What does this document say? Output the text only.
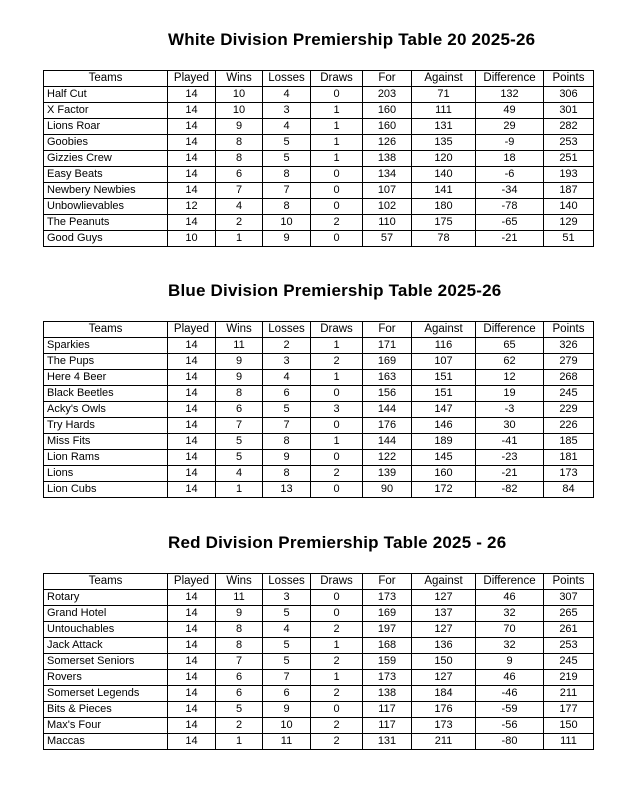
White Division Premiership Table 20 2025-26
Teams	Played	Wins	Losses	Draws	For	Against	Difference	Points
Half Cut	14	10	4	0	203	71	132	306
X Factor	14	10	3	1	160	111	49	301
Lions Roar	14	9	4	1	160	131	29	282
Goobies	14	8	5	1	126	135	-9	253
Gizzies Crew	14	8	5	1	138	120	18	251
Easy Beats	14	6	8	0	134	140	-6	193
Newbery Newbies	14	7	7	0	107	141	-34	187
Unbowlievables	12	4	8	0	102	180	-78	140
The Peanuts	14	2	10	2	110	175	-65	129
Good Guys	10	1	9	0	57	78	-21	51
Blue Division Premiership Table 2025-26
Teams	Played	Wins	Losses	Draws	For	Against	Difference	Points
Sparkies	14	11	2	1	171	116	65	326
The Pups	14	9	3	2	169	107	62	279
Here 4 Beer	14	9	4	1	163	151	12	268
Black Beetles	14	8	6	0	156	151	19	245
Acky's Owls	14	6	5	3	144	147	-3	229
Try Hards	14	7	7	0	176	146	30	226
Miss Fits	14	5	8	1	144	189	-41	185
Lion Rams	14	5	9	0	122	145	-23	181
Lions	14	4	8	2	139	160	-21	173
Lion Cubs	14	1	13	0	90	172	-82	84
Red Division Premiership Table 2025 - 26
Teams	Played	Wins	Losses	Draws	For	Against	Difference	Points
Rotary	14	11	3	0	173	127	46	307
Grand Hotel	14	9	5	0	169	137	32	265
Untouchables	14	8	4	2	197	127	70	261
Jack Attack	14	8	5	1	168	136	32	253
Somerset Seniors	14	7	5	2	159	150	9	245
Rovers	14	6	7	1	173	127	46	219
Somerset Legends	14	6	6	2	138	184	-46	211
Bits & Pieces	14	5	9	0	117	176	-59	177
Max's Four	14	2	10	2	117	173	-56	150
Maccas	14	1	11	2	131	211	-80	111
